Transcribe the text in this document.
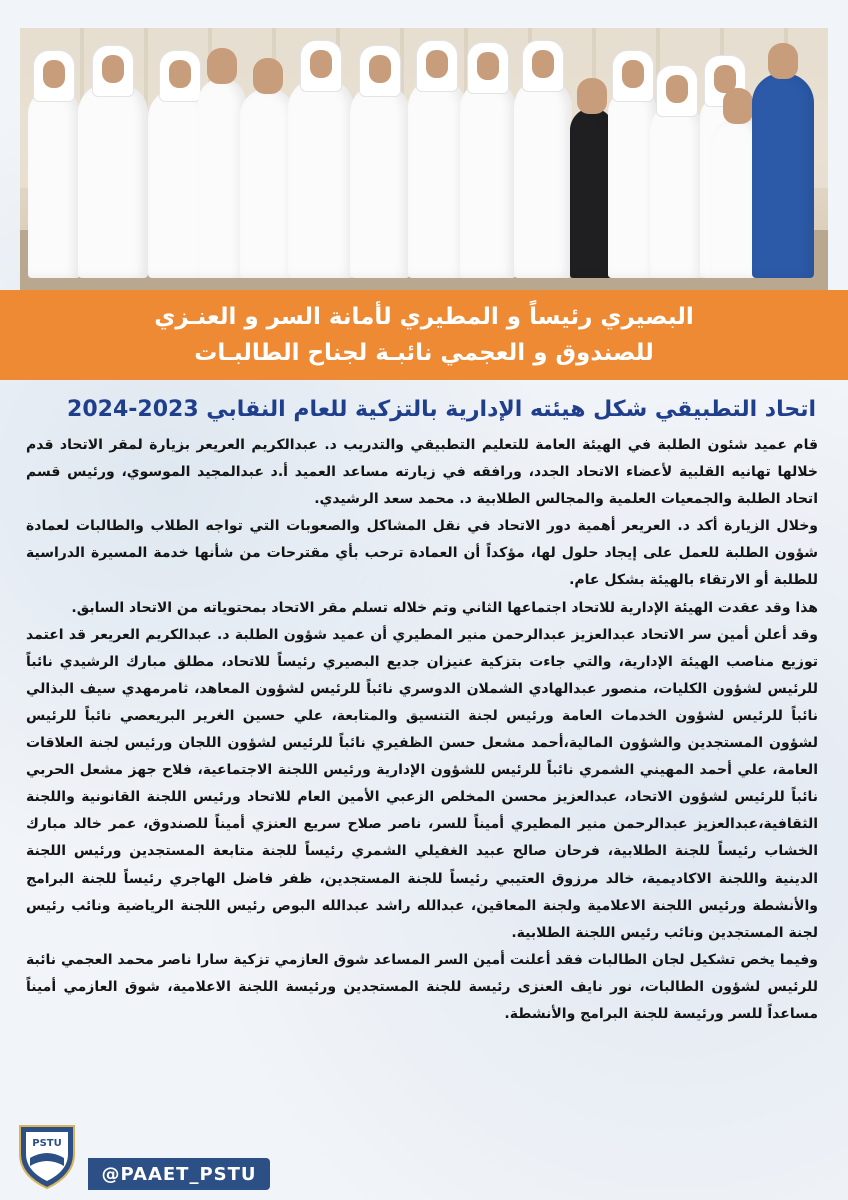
البصيري رئيساً و المطيري لأمانة السر و العنـزي
للصندوق و العجمي نائبـة لجناح الطالبـات
اتحاد التطبيقي شكل هيئته الإدارية بالتزكية للعام النقابي 2023-2024

قام عميد شئون الطلبة في الهيئة العامة للتعليم التطبيقي والتدريب د. عبدالكريم العريعر بزيارة لمقر الاتحاد قدم خلالها تهانيه القلبية لأعضاء الاتحاد الجدد، ورافقه في زيارته مساعد العميد أ.د عبدالمجيد الموسوي، ورئيس قسم اتحاد الطلبة والجمعيات العلمية والمجالس الطلابية د. محمد سعد الرشيدي.

وخلال الزيارة أكد د. العريعر أهمية دور الاتحاد في نقل المشاكل والصعوبات التي تواجه الطلاب والطالبات لعمادة شؤون الطلبة للعمل على إيجاد حلول لها، مؤكداً أن العمادة ترحب بأي مقترحات من شأنها خدمة المسيرة الدراسية للطلبة أو الارتقاء بالهيئة بشكل عام.

هذا وقد عقدت الهيئة الإدارية للاتحاد اجتماعها الثاني وتم خلاله تسلم مقر الاتحاد بمحتوياته من الاتحاد السابق.

وقد أعلن أمين سر الاتحاد عبدالعزيز عبدالرحمن منير المطيري أن عميد شؤون الطلبة د. عبدالكريم العريعر قد اعتمد توزيع مناصب الهيئة الإدارية، والتي جاءت بتزكية عنيزان جديع البصيري رئيساً للاتحاد، مطلق مبارك الرشيدي نائباً للرئيس لشؤون الكليات، منصور عبدالهادي الشملان الدوسري نائباً للرئيس لشؤون المعاهد، ثامرمهدي سيف البذالي نائباً للرئيس لشؤون الخدمات العامة ورئيس لجنة التنسيق والمتابعة، علي حسين الغرير البريعصي نائباً للرئيس لشؤون المستجدين والشؤون المالية،أحمد مشعل حسن الظفيري نائباً للرئيس لشؤون اللجان ورئيس لجنة العلاقات العامة، علي أحمد المهيني الشمري نائباً للرئيس للشؤون الإدارية ورئيس اللجنة الاجتماعية، فلاح جهز مشعل الحربي نائباً للرئيس لشؤون الاتحاد، عبدالعزيز محسن المخلص الزعبي الأمين العام للاتحاد ورئيس اللجنة القانونية واللجنة الثقافية،عبدالعزيز عبدالرحمن منير المطيري أميناً للسر، ناصر صلاح سريع العنزي أميناً للصندوق، عمر خالد مبارك الخشاب رئيساً للجنة الطلابية، فرحان صالح عبيد الغفيلي الشمري رئيساً للجنة متابعة المستجدين ورئيس اللجنة الدينية واللجنة الاكاديمية، خالد مرزوق العتيبي رئيساً للجنة المستجدين، ظفر فاضل الهاجري رئيساً للجنة البرامج والأنشطة ورئيس اللجنة الاعلامية ولجنة المعاقين، عبدالله راشد عبدالله البوص رئيس اللجنة الرياضية ونائب رئيس لجنة المستجدين ونائب رئيس اللجنة الطلابية.

وفيما يخص تشكيل لجان الطالبات فقد أعلنت أمين السر المساعد شوق العازمي تزكية سارا ناصر محمد العجمي نائبة للرئيس لشؤون الطالبات، نور نايف العنزى رئيسة للجنة المستجدين ورئيسة اللجنة الاعلامية، شوق العازمي أميناً مساعداً للسر ورئيسة للجنة البرامج والأنشطة.

PSTU
@PAAET_PSTU
